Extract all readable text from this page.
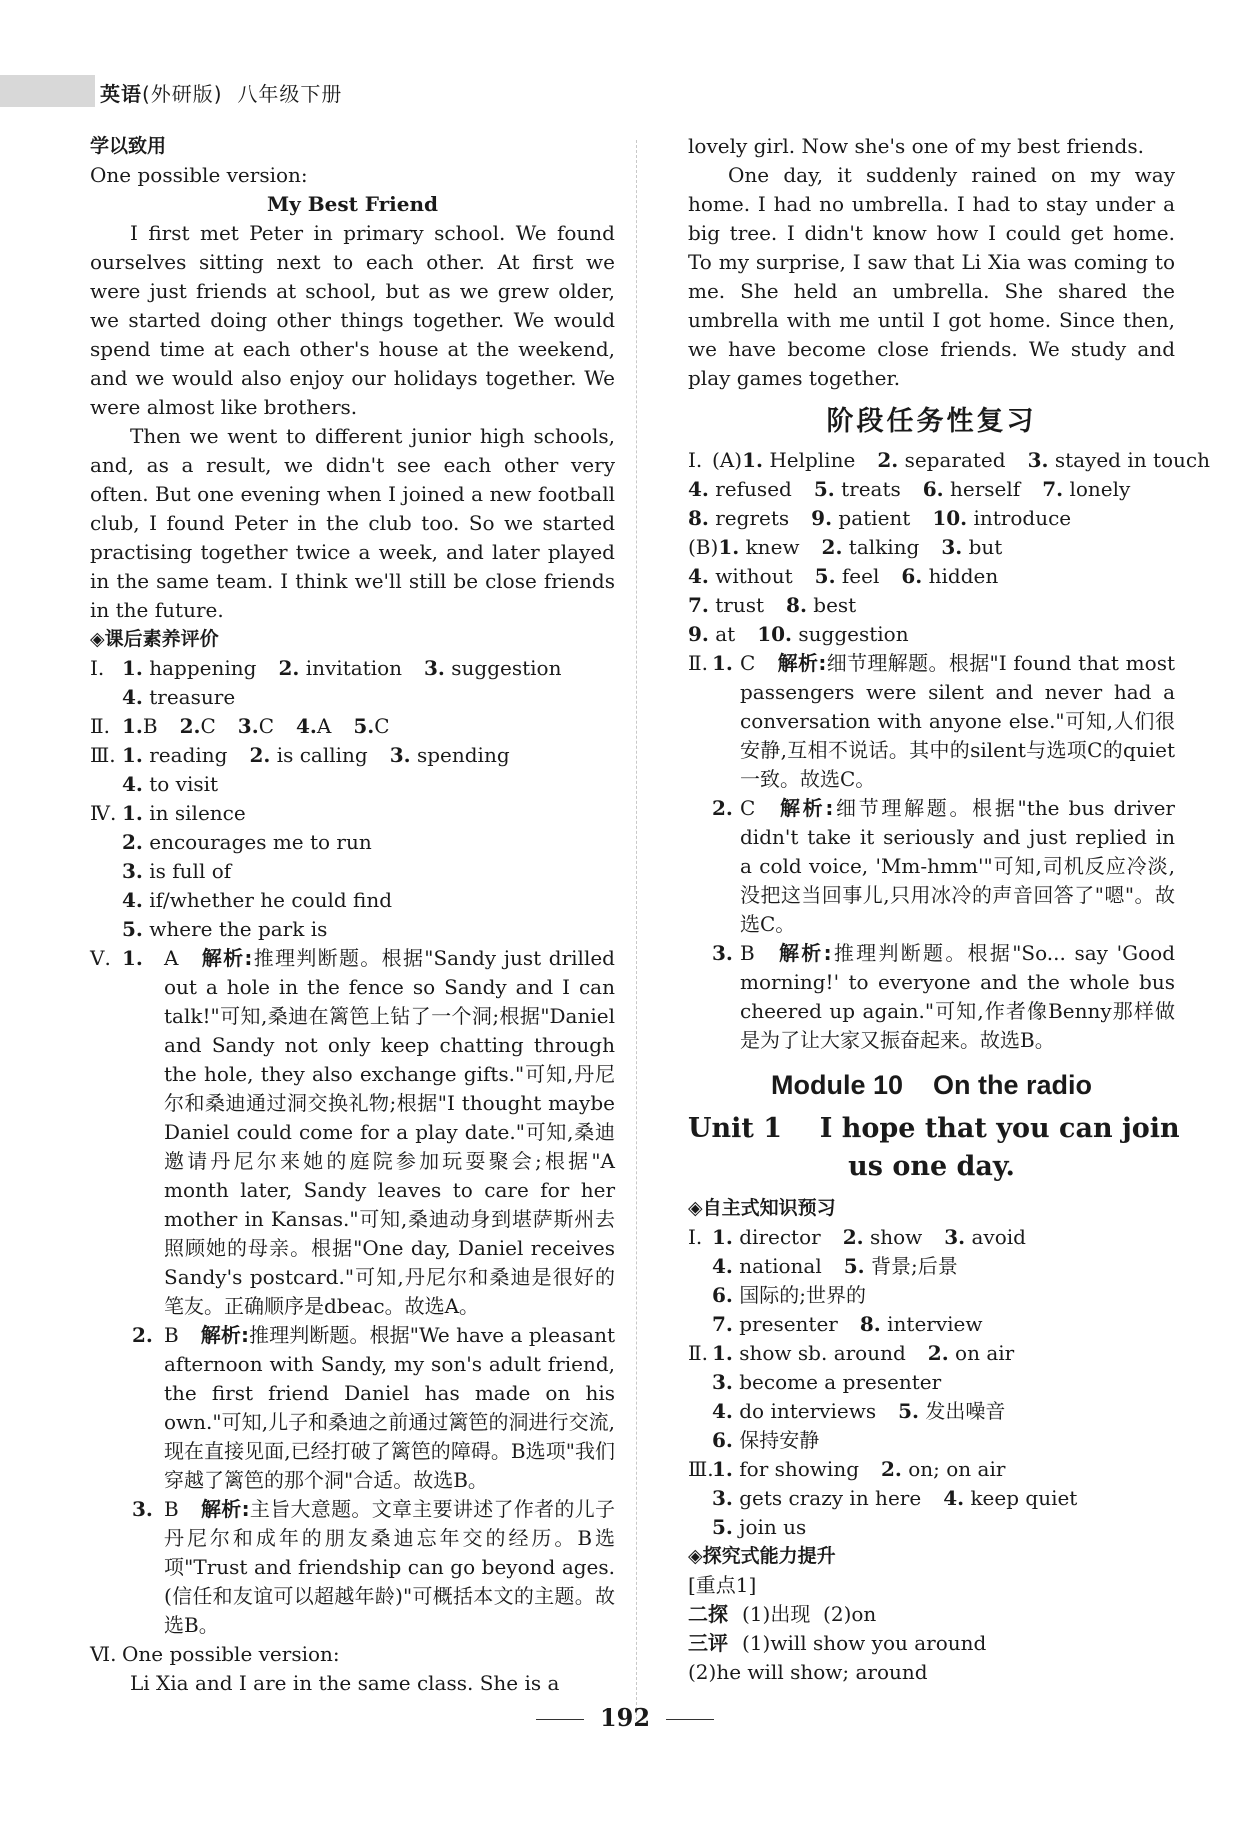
英语(外研版) 八年级下册

学以致用

One possible version:

My Best Friend

I first met Peter in primary school. We found ourselves sitting next to each other. At first we were just friends at school, but as we grew older, we started doing other things together. We would spend time at each other's house at the weekend, and we would also enjoy our holidays together. We were almost like brothers.

Then we went to different junior high schools, and, as a result, we didn't see each other very often. But one evening when I joined a new football club, I found Peter in the club too. So we started practising together twice a week, and later played in the same team. I think we'll still be close friends in the future.

◈课后素养评价

Ⅰ. 1. happening 2. invitation 3. suggestion
4. treasure
Ⅱ. 1.B 2.C 3.C 4.A 5.C
Ⅲ. 1. reading 2. is calling 3. spending
4. to visit
Ⅳ. 1. in silence
2. encourages me to run
3. is full of
4. if/whether he could find
5. where the park is
Ⅴ. 1.	A 解析:推理判断题。根据"Sandy just drilled out a hole in the fence so Sandy and I can talk!"可知,桑迪在篱笆上钻了一个洞;根据"Daniel and Sandy not only keep chatting through the hole, they also exchange gifts."可知,丹尼尔和桑迪通过洞交换礼物;根据"I thought maybe Daniel could come for a play date."可知,桑迪邀请丹尼尔来她的庭院参加玩耍聚会;根据"A month later, Sandy leaves to care for her mother in Kansas."可知,桑迪动身到堪萨斯州去照顾她的母亲。根据"One day, Daniel receives Sandy's postcard."可知,丹尼尔和桑迪是很好的笔友。正确顺序是dbeac。故选A。
2. B 解析:推理判断题。根据"We have a pleasant afternoon with Sandy, my son's adult friend, the first friend Daniel has made on his own."可知,儿子和桑迪之前通过篱笆的洞进行交流,现在直接见面,已经打破了篱笆的障碍。B选项"我们穿越了篱笆的那个洞"合适。故选B。
3. B 解析:主旨大意题。文章主要讲述了作者的儿子丹尼尔和成年的朋友桑迪忘年交的经历。B选项"Trust and friendship can go beyond ages.(信任和友谊可以超越年龄)"可概括本文的主题。故选B。
Ⅵ. One possible version:

Li Xia and I are in the same class. She is a

lovely girl. Now she's one of my best friends.

One day, it suddenly rained on my way home. I had no umbrella. I had to stay under a big tree. I didn't know how I could get home. To my surprise, I saw that Li Xia was coming to me. She held an umbrella. She shared the umbrella with me until I got home. Since then, we have become close friends. We study and play games together.

阶段任务性复习
Ⅰ. (A)1. Helpline 2. separated 3. stayed in touch
4. refused 5. treats 6. herself 7. lonely
8. regrets 9. patient 10. introduce
(B)1. knew 2. talking 3. but
4. without 5. feel 6. hidden
7. trust 8. best
9. at 10. suggestion
Ⅱ. 1. C 解析:细节理解题。根据"I found that most passengers were silent and never had a conversation with anyone else."可知,人们很安静,互相不说话。其中的silent与选项C的quiet一致。故选C。
2. C 解析:细节理解题。根据"the bus driver didn't take it seriously and just replied in a cold voice, 'Mm-hmm'"可知,司机反应冷淡,没把这当回事儿,只用冰冷的声音回答了"嗯"。故选C。
3. B 解析:推理判断题。根据"So... say 'Good morning!' to everyone and the whole bus cheered up again."可知,作者像Benny那样做是为了让大家又振奋起来。故选B。
Module 10    On the radio
Unit 1    I hope that you can join
us one day.

◈自主式知识预习

Ⅰ. 1. director 2. show 3. avoid
4. national 5. 背景;后景
6. 国际的;世界的
7. presenter 8. interview
Ⅱ. 1. show sb. around 2. on air
3. become a presenter
4. do interviews 5. 发出噪音
6. 保持安静
Ⅲ.1. for showing 2. on; on air
3. gets crazy in here 4. keep quiet
5. join us

◈探究式能力提升

[重点1]

二探 (1)出现  (2)on
三评 (1)will show you around
(2)he will show; around
192
